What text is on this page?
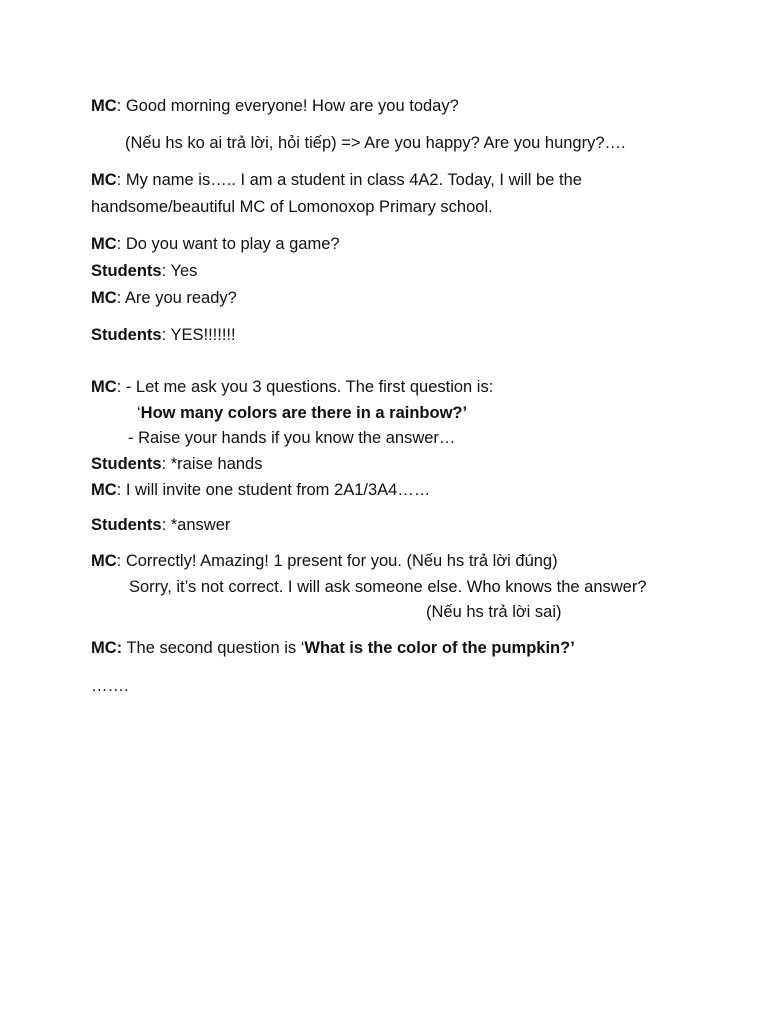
MC: Good morning everyone! How are you today?
(Nếu hs ko ai trả lời, hỏi tiếp) => Are you happy? Are you hungry?….
MC: My name is….. I am a student in class 4A2. Today, I will be the
handsome/beautiful MC of Lomonoxop Primary school.
MC: Do you want to play a game?
Students: Yes
MC: Are you ready?
Students: YES!!!!!!!
MC: - Let me ask you 3 questions. The first question is:
‘How many colors are there in a rainbow?’
- Raise your hands if you know the answer…
Students: *raise hands
MC: I will invite one student from 2A1/3A4……
Students: *answer
MC: Correctly! Amazing! 1 present for you. (Nếu hs trả lời đúng)
Sorry, it’s not correct. I will ask someone else. Who knows the answer?
(Nếu hs trả lời sai)
MC: The second question is ‘What is the color of the pumpkin?’
…….
